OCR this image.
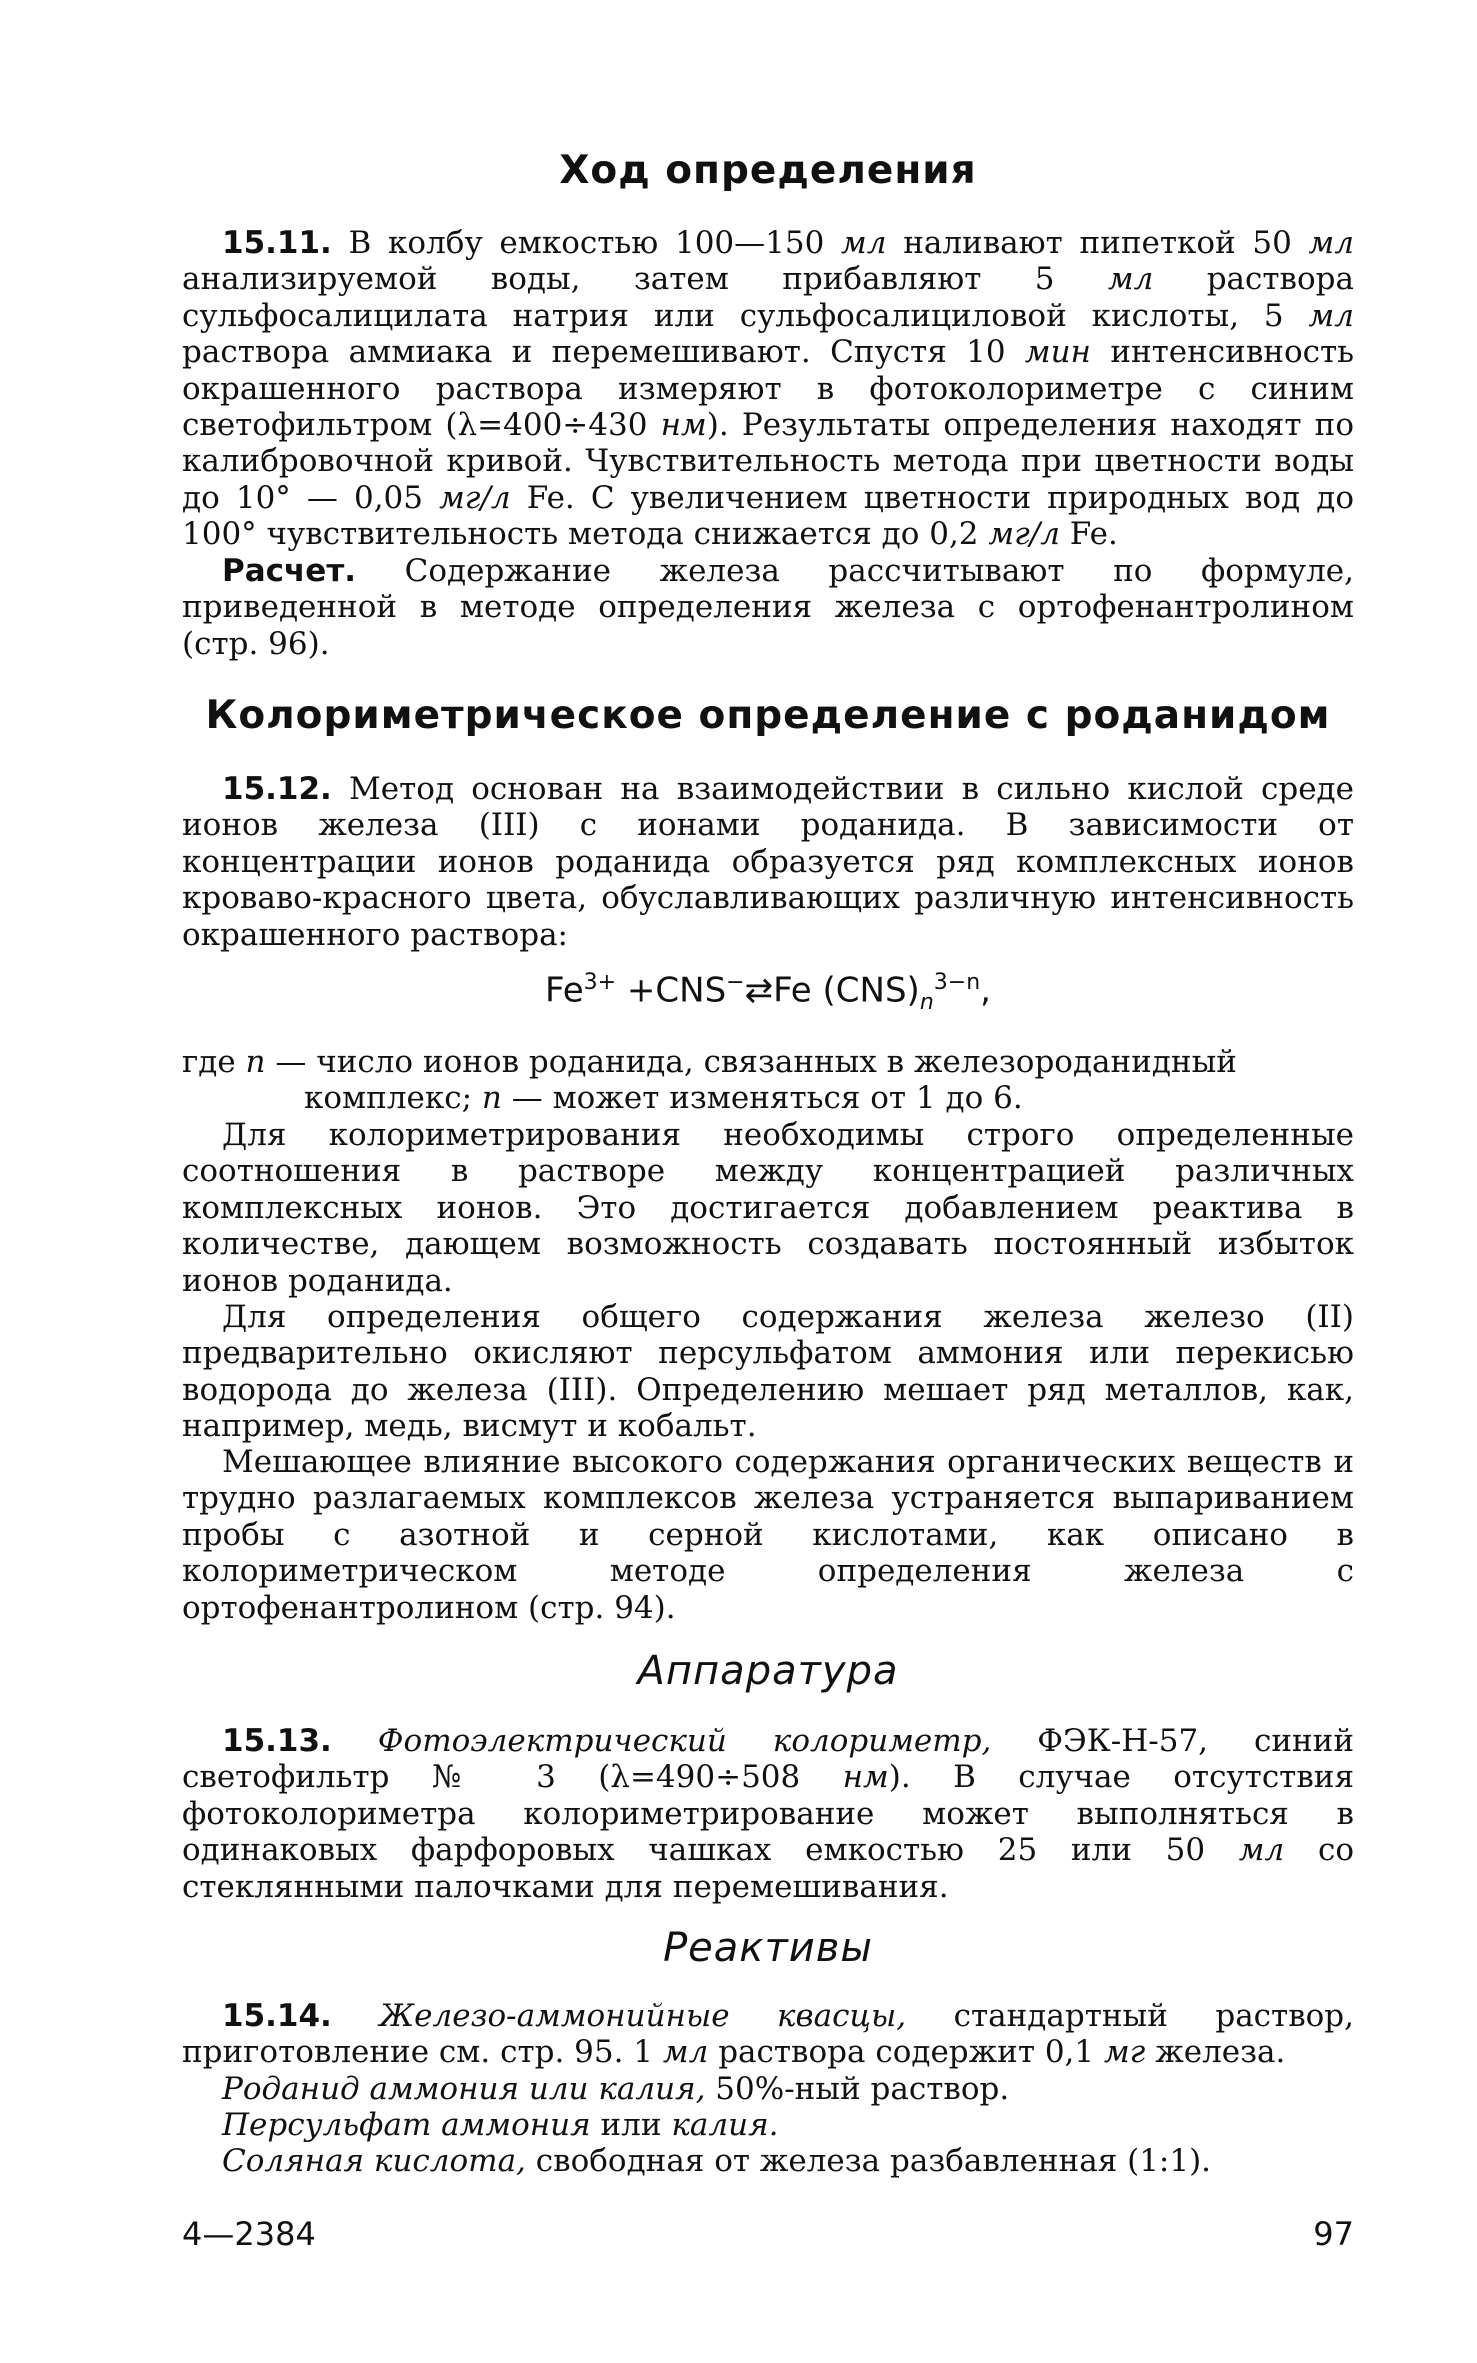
Ход определения
15.11. В колбу емкостью 100—150 мл наливают пипеткой 50 мл анализируемой воды, затем прибавляют 5 мл раствора сульфосалицилата натрия или сульфосалициловой кислоты, 5 мл раствора аммиака и перемешивают. Спустя 10 мин интенсивность окрашенного раствора измеряют в фотоколориметре с синим светофильтром (λ=400÷430 нм). Результаты определения находят по калибровочной кривой. Чувствительность метода при цветности воды до 10° — 0,05 мг/л Fe. С увеличением цветности природных вод до 100° чувствительность метода снижается до 0,2 мг/л Fe.
Расчет. Содержание железа рассчитывают по формуле, приведенной в методе определения железа с ортофенантролином (стр. 96).
Колориметрическое определение с роданидом
15.12. Метод основан на взаимодействии в сильно кислой среде ионов железа (III) с ионами роданида. В зависимости от концентрации ионов роданида образуется ряд комплексных ионов кроваво-красного цвета, обуславливающих различную интенсивность окрашенного раствора:
$Fe^{3+}$ +CNS−⇄Fe $(CNS)_n^{3-n}$,
где n — число ионов роданида, связанных в железороданидный
комплекс; n — может изменяться от 1 до 6.
Для колориметрирования необходимы строго определенные соотношения в растворе между концентрацией различных комплексных ионов. Это достигается добавлением реактива в количестве, дающем возможность создавать постоянный избыток ионов роданида.
Для определения общего содержания железа железо (II) предварительно окисляют персульфатом аммония или перекисью водорода до железа (III). Определению мешает ряд металлов, как, например, медь, висмут и кобальт.
Мешающее влияние высокого содержания органических веществ и трудно разлагаемых комплексов железа устраняется выпариванием пробы с азотной и серной кислотами, как описано в колориметрическом методе определения железа с ортофенантролином (стр. 94).
Аппаратура
15.13. Фотоэлектрический колориметр, ФЭК-Н-57, синий светофильтр № 3 (λ=490÷508 нм). В случае отсутствия фотоколориметра колориметрирование может выполняться в одинаковых фарфоровых чашках емкостью 25 или 50 мл со стеклянными палочками для перемешивания.
Реактивы
15.14. Железо-аммонийные квасцы, стандартный раствор, приготовление см. стр. 95. 1 мл раствора содержит 0,1 мг железа.
Роданид аммония или калия, 50%-ный раствор.
Персульфат аммония или калия.
Соляная кислота, свободная от железа разбавленная (1:1).
4—2384	97
